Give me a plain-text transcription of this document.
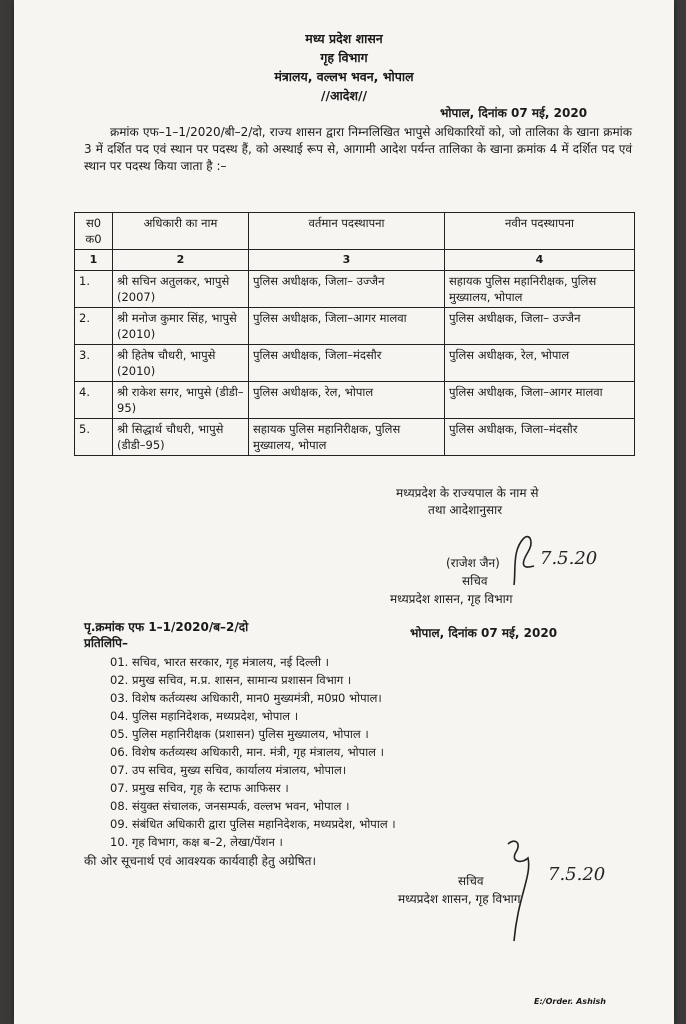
मध्य प्रदेश शासन
गृह विभाग
मंत्रालय, वल्लभ भवन, भोपाल
//आदेश//
भोपाल, दिनांक 07 मई, 2020
क्रमांक एफ–1–1/2020/बी–2/दो, राज्य शासन द्वारा निम्नलिखित भापुसे अधिकारियों को, जो तालिका के खाना क्रमांक 3 में दर्शित पद एवं स्थान पर पदस्थ हैं, को अस्थाई रूप से, आगामी आदेश पर्यन्त तालिका के खाना क्रमांक 4 में दर्शित पद एवं स्थान पर पदस्थ किया जाता है :–
स0 क0	अधिकारी का नाम	वर्तमान पदस्थापना	नवीन पदस्थापना
1	2	3	4
1.	श्री सचिन अतुलकर, भापुसे (2007)	पुलिस अधीक्षक, जिला– उज्जैन	सहायक पुलिस महानिरीक्षक, पुलिस मुख्यालय, भोपाल
2.	श्री मनोज कुमार सिंह, भापुसे (2010)	पुलिस अधीक्षक, जिला–आगर मालवा	पुलिस अधीक्षक, जिला– उज्जैन
3.	श्री हितेष चौधरी, भापुसे (2010)	पुलिस अधीक्षक, जिला–मंदसौर	पुलिस अधीक्षक, रेल, भोपाल
4.	श्री राकेश सगर, भापुसे (डीडी–95)	पुलिस अधीक्षक, रेल, भोपाल	पुलिस अधीक्षक, जिला–आगर मालवा
5.	श्री सिद्धार्थ चौधरी, भापुसे (डीडी–95)	सहायक पुलिस महानिरीक्षक, पुलिस मुख्यालय, भोपाल	पुलिस अधीक्षक, जिला–मंदसौर
मध्यप्रदेश के राज्यपाल के नाम से
तथा आदेशानुसार
(राजेश जैन) 7.5.20
सचिव
मध्यप्रदेश शासन, गृह विभाग
पृ.क्रमांक एफ 1–1/2020/ब–2/दो	भोपाल, दिनांक 07 मई, 2020
प्रतिलिपि–
01. सचिव, भारत सरकार, गृह मंत्रालय, नई दिल्ली ।
02. प्रमुख सचिव, म.प्र. शासन, सामान्य प्रशासन विभाग ।
03. विशेष कर्तव्यस्थ अधिकारी, मान0 मुख्यमंत्री, म0प्र0 भोपाल।
04. पुलिस महानिदेशक, मध्यप्रदेश, भोपाल ।
05. पुलिस महानिरीक्षक (प्रशासन) पुलिस मुख्यालय, भोपाल ।
06. विशेष कर्तव्यस्थ अधिकारी, मान. मंत्री, गृह मंत्रालय, भोपाल ।
07. उप सचिव, मुख्य सचिव, कार्यालय मंत्रालय, भोपाल।
07. प्रमुख सचिव, गृह के स्टाफ आफिसर ।
08. संयुक्त संचालक, जनसम्पर्क, वल्लभ भवन, भोपाल ।
09. संबंधित अधिकारी द्वारा पुलिस महानिदेशक, मध्यप्रदेश, भोपाल ।
10. गृह विभाग, कक्ष ब–2, लेखा/पेंशन ।
की ओर सूचनार्थ एवं आवश्यक कार्यवाही हेतु अग्रेषित।
7.5.20
सचिव
मध्यप्रदेश शासन, गृह विभाग
E:/Order. Ashish
